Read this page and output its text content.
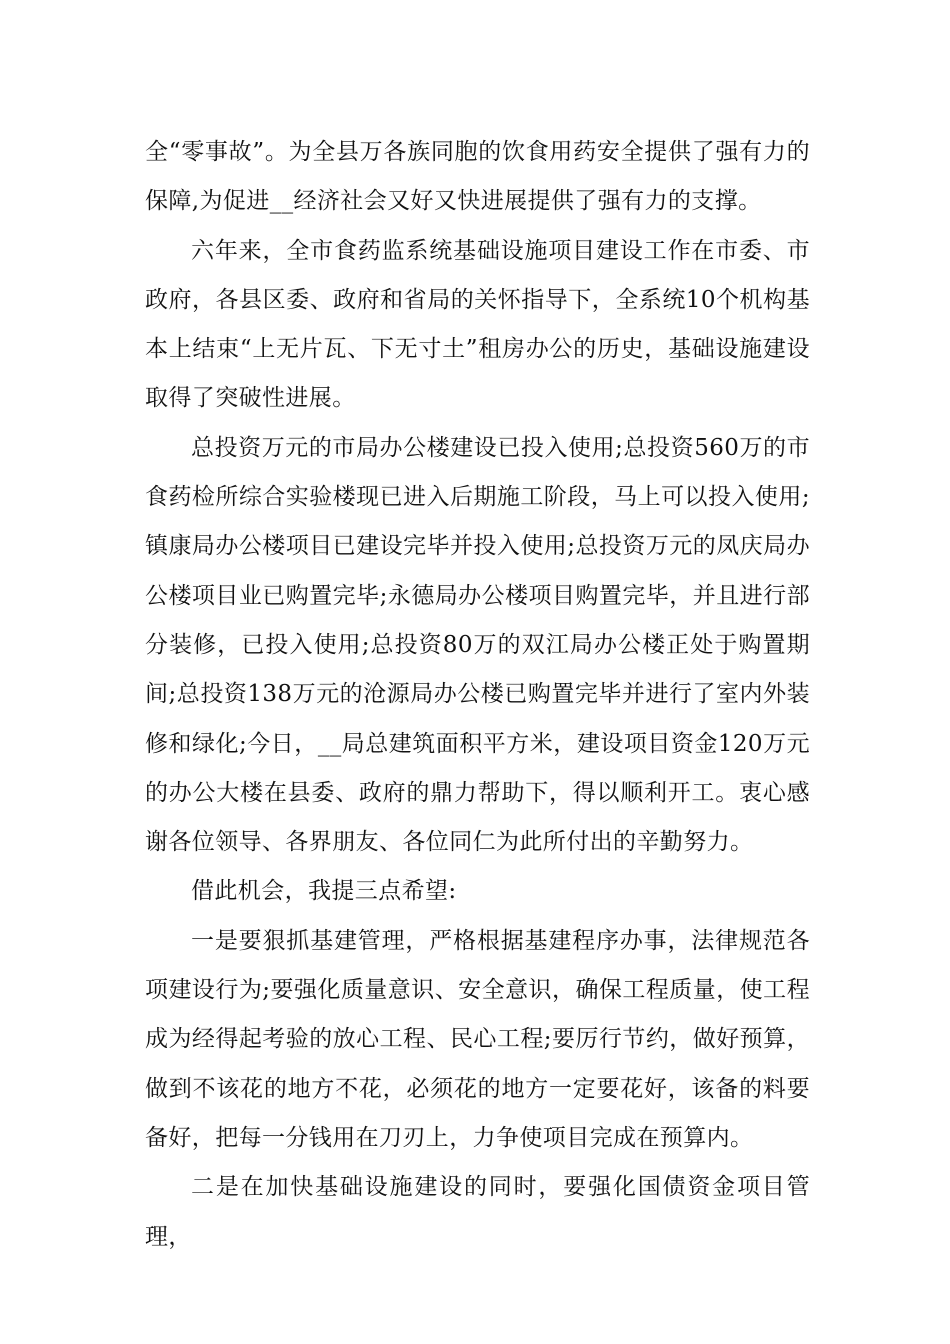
全“零事故”。为全县万各族同胞的饮食用药安全提供了强有力的保障,为促进__经济社会又好又快进展提供了强有力的支撑。

六年来，全市食药监系统基础设施项目建设工作在市委、市政府，各县区委、政府和省局的关怀指导下，全系统10个机构基本上结束“上无片瓦、下无寸土”租房办公的历史，基础设施建设取得了突破性进展。

总投资万元的市局办公楼建设已投入使用;总投资560万的市食药检所综合实验楼现已进入后期施工阶段，马上可以投入使用;镇康局办公楼项目已建设完毕并投入使用;总投资万元的凤庆局办公楼项目业已购置完毕;永德局办公楼项目购置完毕，并且进行部分装修，已投入使用;总投资80万的双江局办公楼正处于购置期间;总投资138万元的沧源局办公楼已购置完毕并进行了室内外装修和绿化;今日，__局总建筑面积平方米，建设项目资金120万元的办公大楼在县委、政府的鼎力帮助下，得以顺利开工。衷心感谢各位领导、各界朋友、各位同仁为此所付出的辛勤努力。

借此机会，我提三点希望:

一是要狠抓基建管理，严格根据基建程序办事，法律规范各项建设行为;要强化质量意识、安全意识，确保工程质量，使工程成为经得起考验的放心工程、民心工程;要厉行节约，做好预算，做到不该花的地方不花，必须花的地方一定要花好，该备的料要备好，把每一分钱用在刀刃上，力争使项目完成在预算内。

二是在加快基础设施建设的同时，要强化国债资金项目管理，
